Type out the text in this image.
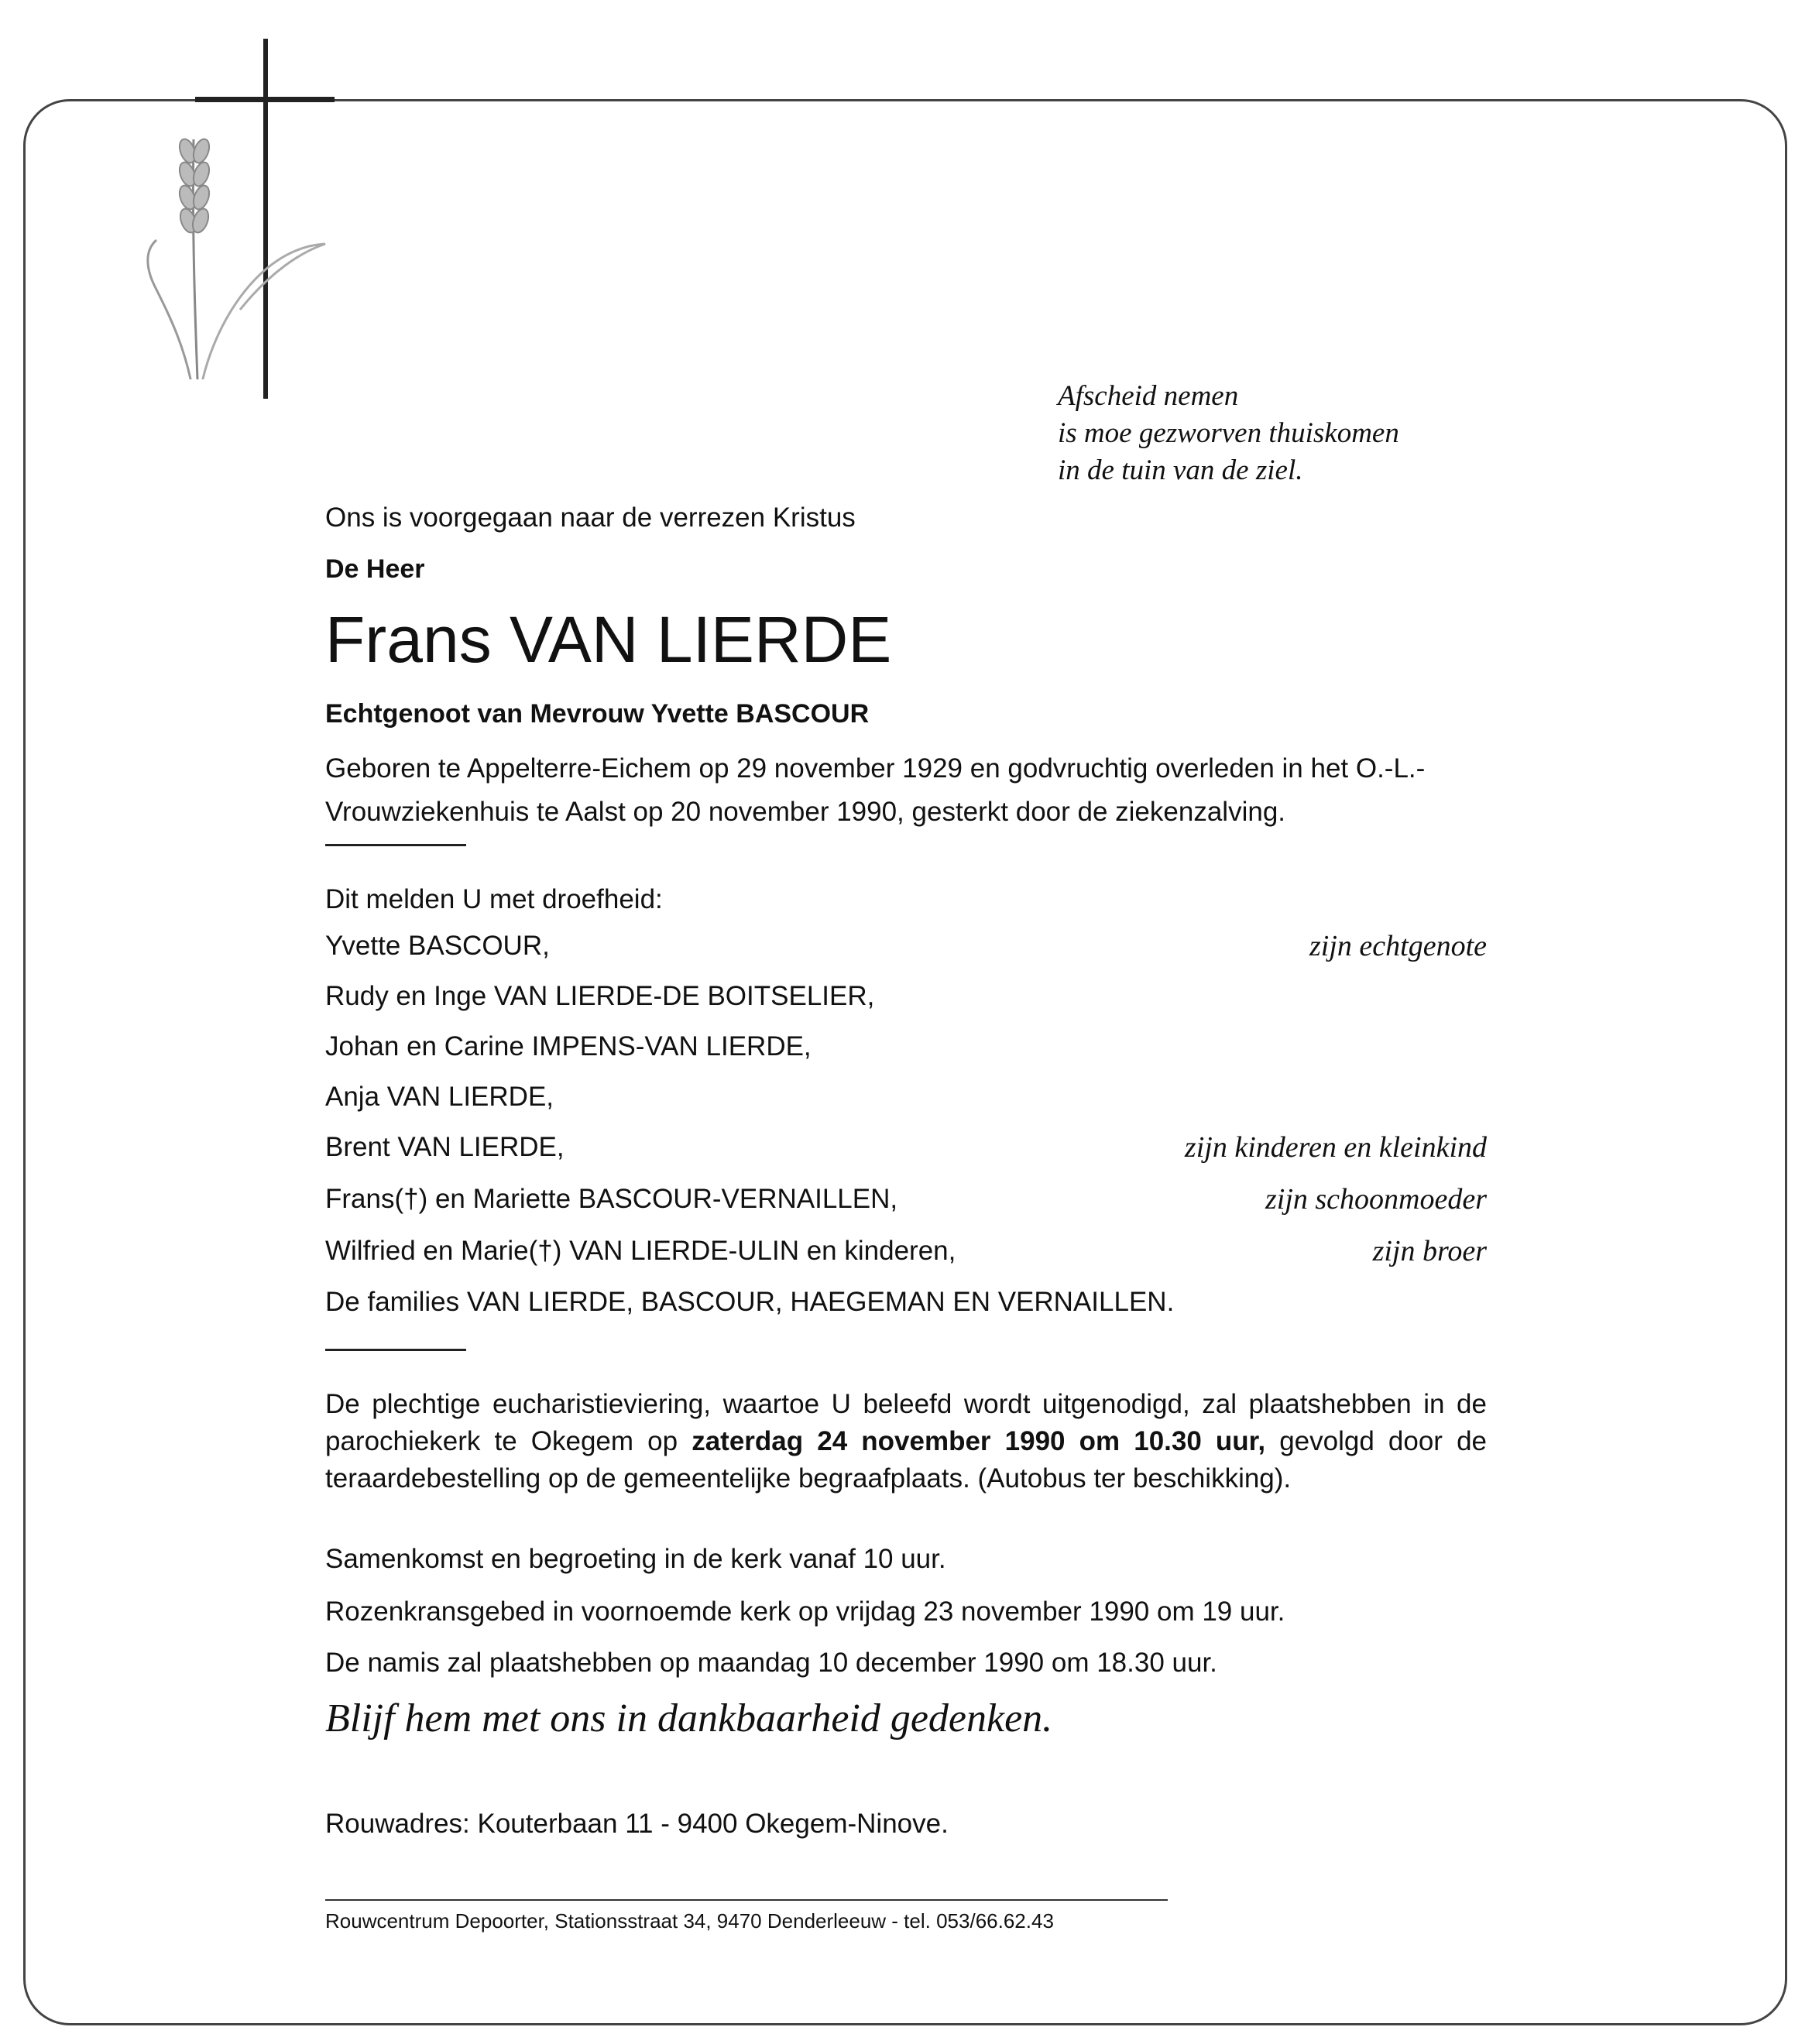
Afscheid nemen
is moe gezworven thuiskomen
in de tuin van de ziel.
Ons is voorgegaan naar de verrezen Kristus
De Heer
Frans VAN LIERDE
Echtgenoot van Mevrouw Yvette BASCOUR
Geboren te Appelterre-Eichem op 29 november 1929 en godvruchtig overleden in het O.-L.-Vrouwziekenhuis te Aalst op 20 november 1990, gesterkt door de ziekenzalving.
Dit melden U met droefheid:
Yvette BASCOUR,	zijn echtgenote
Rudy en Inge VAN LIERDE-DE BOITSELIER,
Johan en Carine IMPENS-VAN LIERDE,
Anja VAN LIERDE,
Brent VAN LIERDE,	zijn kinderen en kleinkind
Frans(†) en Mariette BASCOUR-VERNAILLEN,	zijn schoonmoeder
Wilfried en Marie(†) VAN LIERDE-ULIN en kinderen,	zijn broer
De families VAN LIERDE, BASCOUR, HAEGEMAN EN VERNAILLEN.
De plechtige eucharistieviering, waartoe U beleefd wordt uitgenodigd, zal plaatshebben in de parochiekerk te Okegem op zaterdag 24 november 1990 om 10.30 uur, gevolgd door de teraardebestelling op de gemeentelijke begraafplaats. (Autobus ter beschikking).
Samenkomst en begroeting in de kerk vanaf 10 uur.
Rozenkransgebed in voornoemde kerk op vrijdag 23 november 1990 om 19 uur.
De namis zal plaatshebben op maandag 10 december 1990 om 18.30 uur.
Blijf hem met ons in dankbaarheid gedenken.
Rouwadres: Kouterbaan 11 - 9400 Okegem-Ninove.
Rouwcentrum Depoorter, Stationsstraat 34, 9470 Denderleeuw - tel. 053/66.62.43
